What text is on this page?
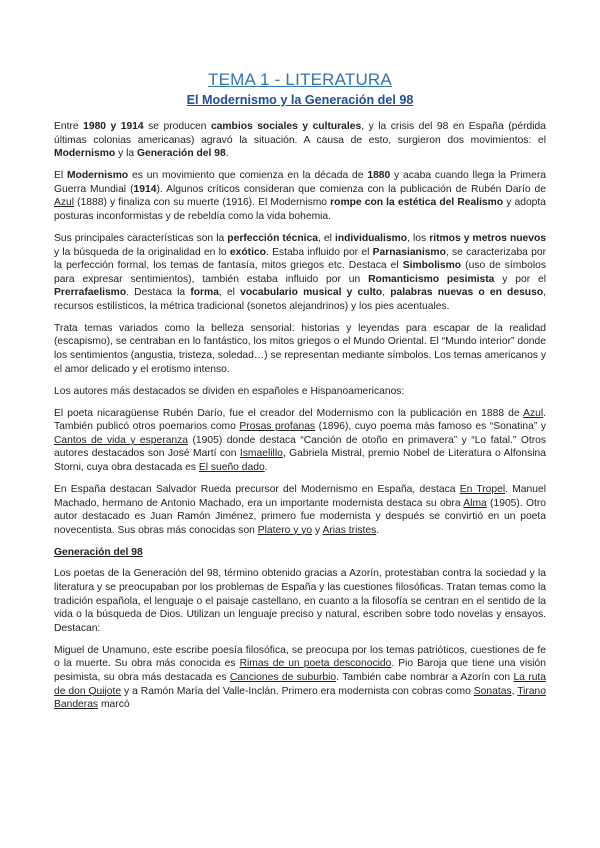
TEMA 1 - LITERATURA
El Modernismo y la Generación del 98

Entre 1980 y 1914 se producen cambios sociales y culturales, y la crisis del 98 en España (pérdida últimas colonias americanas) agravó la situación. A causa de esto, surgieron dos movimientos: el Modernismo y la Generación del 98.

El Modernismo es un movimiento que comienza en la década de 1880 y acaba cuando llega la Primera Guerra Mundial (1914). Algunos críticos consideran que comienza con la publicación de Rubén Darío de Azul (1888) y finaliza con su muerte (1916). El Modernismo rompe con la estética del Realismo y adopta posturas inconformistas y de rebeldía como la vida bohemia.

Sus principales características son la perfección técnica, el individualismo, los ritmos y metros nuevos y la búsqueda de la originalidad en lo exótico. Estaba influido por el Parnasianismo, se caracterizaba por la perfección formal, los temas de fantasía, mitos griegos etc. Destaca el Simbolismo (uso de símbolos para expresar sentimientos), también estaba influido por un Romanticismo pesimista y por el Prerrafaelismo. Destaca la forma, el vocabulario musical y culto, palabras nuevas o en desuso, recursos estilísticos, la métrica tradicional (sonetos alejandrinos) y los pies acentuales.

Trata temas variados como la belleza sensorial: historias y leyendas para escapar de la realidad (escapismo), se centraban en lo fantástico, los mitos griegos o el Mundo Oriental. El “Mundo interior” donde los sentimientos (angustia, tristeza, soledad…) se representan mediante símbolos. Los temas americanos y el amor delicado y el erotismo intenso.

Los autores más destacados se dividen en españoles e Hispanoamericanos:

El poeta nicaragüense Rubén Darío, fue el creador del Modernismo con la publicación en 1888 de Azul. También publicó otros poemarios como Prosas profanas (1896), cuyo poema más famoso es “Sonatina” y Cantos de vida y esperanza (1905) donde destaca “Canción de otoño en primavera” y “Lo fatal.” Otros autores destacados son José Martí con Ismaelillo, Gabriela Mistral, premio Nobel de Literatura o Alfonsina Storni, cuya obra destacada es El sueño dado.

En España destacan Salvador Rueda precursor del Modernismo en España, destaca En Tropel. Manuel Machado, hermano de Antonio Machado, era un importante modernista destaca su obra Alma (1905). Otro autor destacado es Juan Ramón Jiménez, primero fue modernista y después se convirtió en un poeta novecentista. Sus obras más conocidas son Platero y yo y Arias tristes.

Generación del 98

Los poetas de la Generación del 98, término obtenido gracias a Azorín, protestaban contra la sociedad y la literatura y se preocupaban por los problemas de España y las cuestiones filosóficas. Tratan temas como la tradición española, el lenguaje o el paisaje castellano, en cuanto a la filosofía se centran en el sentido de la vida o la búsqueda de Dios. Utilizan un lenguaje preciso y natural, escriben sobre todo novelas y ensayos. Destacan:

Miguel de Unamuno, este escribe poesía filosófica, se preocupa por los temas patrióticos, cuestiones de fe o la muerte. Su obra más conocida es Rimas de un poeta desconocido. Pio Baroja que tiene una visión pesimista, su obra más destacada es Canciones de suburbio. También cabe nombrar a Azorín con La ruta de don Quijote y a Ramón María del Valle-Inclán. Primero era modernista con cobras como Sonatas, Tirano Banderas marcó
